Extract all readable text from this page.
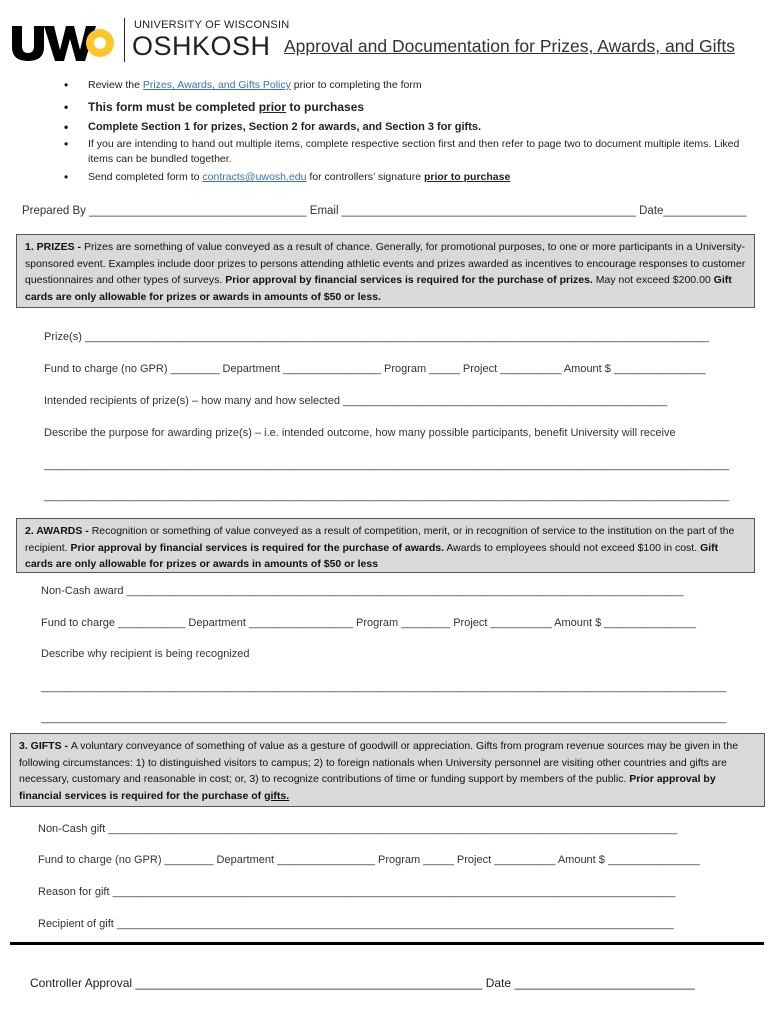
UNIVERSITY OF WISCONSIN
OSHKOSH Approval and Documentation for Prizes, Awards, and Gifts
• Review the Prizes, Awards, and Gifts Policy prior to completing the form
• This form must be completed prior to purchases
• Complete Section 1 for prizes, Section 2 for awards, and Section 3 for gifts.
• If you are intending to hand out multiple items, complete respective section first and then refer to page two to document multiple items. Liked items can be bundled together.
• Send completed form to contracts@uwosh.edu for controllers’ signature prior to purchase
Prepared By __________________________________ Email ______________________________________________ Date_____________
1. PRIZES - Prizes are something of value conveyed as a result of chance. Generally, for promotional purposes, to one or more participants in a University-sponsored event. Examples include door prizes to persons attending athletic events and prizes awarded as incentives to encourage responses to customer questionnaires and other types of surveys. Prior approval by financial services is required for the purchase of prizes. May not exceed $200.00 Gift cards are only allowable for prizes or awards in amounts of $50 or less.
Prize(s) ______________________________________________________________________________________________________
Fund to charge (no GPR) ________ Department ________________ Program _____ Project __________ Amount $ _______________
Intended recipients of prize(s) – how many and how selected _____________________________________________________
Describe the purpose for awarding prize(s) – i.e. intended outcome, how many possible participants, benefit University will receive
________________________________________________________________________________________________________________
________________________________________________________________________________________________________________
2. AWARDS - Recognition or something of value conveyed as a result of competition, merit, or in recognition of service to the institution on the part of the recipient. Prior approval by financial services is required for the purchase of awards. Awards to employees should not exceed $100 in cost. Gift cards are only allowable for prizes or awards in amounts of $50 or less
Non-Cash award ___________________________________________________________________________________________
Fund to charge ___________ Department _________________ Program ________ Project __________ Amount $ _______________
Describe why recipient is being recognized
________________________________________________________________________________________________________________
________________________________________________________________________________________________________________
3. GIFTS - A voluntary conveyance of something of value as a gesture of goodwill or appreciation. Gifts from program revenue sources may be given in the following circumstances: 1) to distinguished visitors to campus; 2) to foreign nationals when University personnel are visiting other countries and gifts are necessary, customary and reasonable in cost; or, 3) to recognize contributions of time or funding support by members of the public. Prior approval by financial services is required for the purchase of gifts.
Non-Cash gift _____________________________________________________________________________________________
Fund to charge (no GPR) ________ Department ________________ Program _____ Project __________ Amount $ _______________
Reason for gift ____________________________________________________________________________________________
Recipient of gift ___________________________________________________________________________________________
Controller Approval ____________________________________________________ Date ___________________________
